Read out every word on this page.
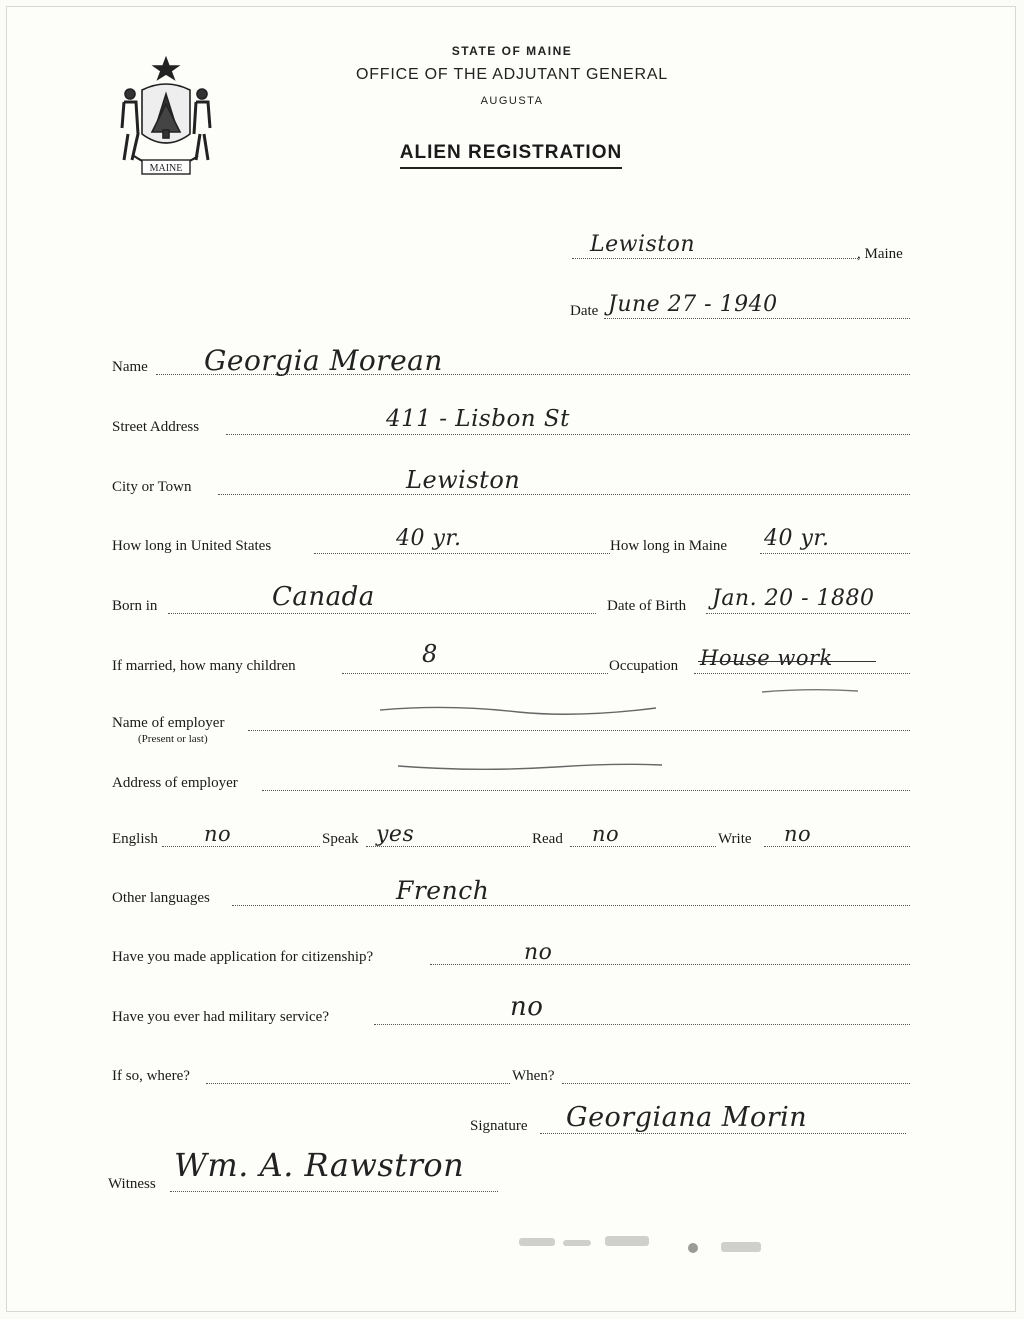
MAINE
STATE OF MAINE
OFFICE OF THE ADJUTANT GENERAL
AUGUSTA
ALIEN REGISTRATION
Lewiston	, Maine
Date June 27 - 1940
Name Georgia Morean
Street Address	411 - Lisbon St
City or Town	Lewiston
How long in United States	40 yr.	How long in Maine 40 yr.
Born in	Canada	Date of Birth Jan. 20 - 1880
If married, how many children	8	Occupation House work
Name of employer
(Present or last)
Address of employer
English no	Speak yes	Read no	Write no
Other languages	French
Have you made application for citizenship?	no
Have you ever had military service?	no
If so, where?	When?
Signature Georgiana Morin
Witness Wm. A. Rawstron
